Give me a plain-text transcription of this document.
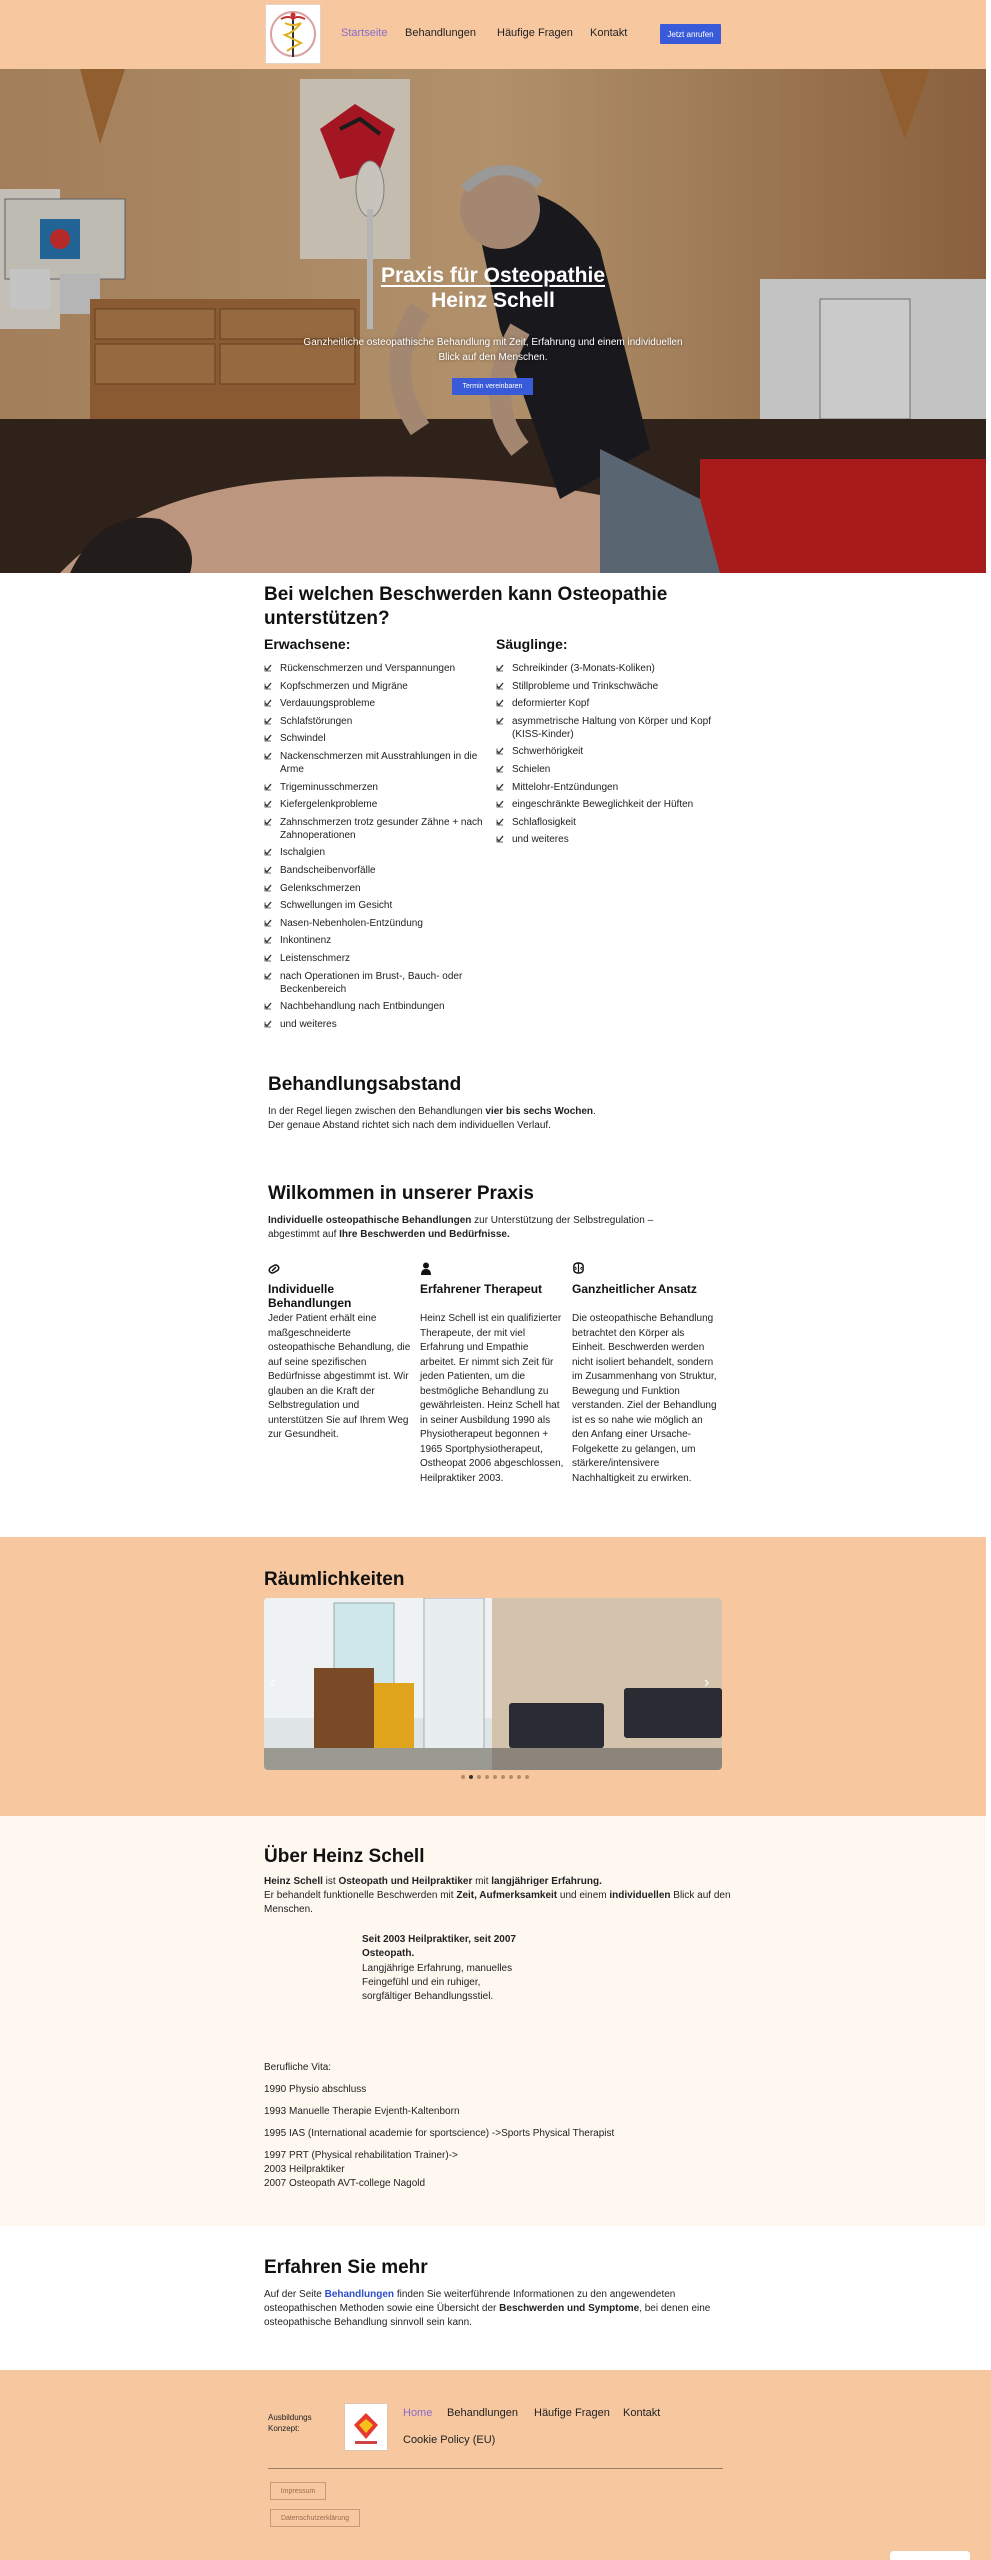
Startseite Behandlungen Häufige Fragen Kontakt	Jetzt anrufen
Praxis für Osteopathie
Heinz Schell
Ganzheitliche osteopathische Behandlung mit Zeit, Erfahrung und einem individuellen Blick auf den Menschen.
Termin vereinbaren
Bei welchen Beschwerden kann Osteopathie unterstützen?
Erwachsene:	Säuglinge:
Rückenschmerzen und Verspannungen
Kopfschmerzen und Migräne
Verdauungsprobleme
Schlafstörungen
Schwindel
Nackenschmerzen mit Ausstrahlungen in die Arme
Trigeminusschmerzen
Kiefergelenkprobleme
Zahnschmerzen trotz gesunder Zähne + nach Zahnoperationen
Ischalgien
Bandscheibenvorfälle
Gelenkschmerzen
Schwellungen im Gesicht
Nasen-Nebenholen-Entzündung
Inkontinenz
Leistenschmerz
nach Operationen im Brust-, Bauch- oder Beckenbereich
Nachbehandlung nach Entbindungen
und weiteres
Schreikinder (3-Monats-Koliken)
Stillprobleme und Trinkschwäche
deformierter Kopf
asymmetrische Haltung von Körper und Kopf (KISS-Kinder)
Schwerhörigkeit
Schielen
Mittelohr-Entzündungen
eingeschränkte Beweglichkeit der Hüften
Schlaflosigkeit
und weiteres
Behandlungsabstand
In der Regel liegen zwischen den Behandlungen vier bis sechs Wochen.
Der genaue Abstand richtet sich nach dem individuellen Verlauf.
Wilkommen in unserer Praxis
Individuelle osteopathische Behandlungen zur Unterstützung der Selbstregulation – abgestimmt auf Ihre Beschwerden und Bedürfnisse.
Individuelle Behandlungen
Jeder Patient erhält eine maßgeschneiderte osteopathische Behandlung, die auf seine spezifischen Bedürfnisse abgestimmt ist. Wir glauben an die Kraft der Selbstregulation und unterstützen Sie auf Ihrem Weg zur Gesundheit.
Erfahrener Therapeut
Heinz Schell ist ein qualifizierter Therapeute, der mit viel Erfahrung und Empathie arbeitet. Er nimmt sich Zeit für jeden Patienten, um die bestmögliche Behandlung zu gewährleisten. Heinz Schell hat in seiner Ausbildung 1990 als Physiotherapeut begonnen + 1965 Sportphysiotherapeut, Ostheopat 2006 abgeschlossen, Heilpraktiker 2003.
Ganzheitlicher Ansatz
Die osteopathische Behandlung betrachtet den Körper als Einheit. Beschwerden werden nicht isoliert behandelt, sondern im Zusammenhang von Struktur, Bewegung und Funktion verstanden. Ziel der Behandlung ist es so nahe wie möglich an den Anfang einer Ursache-Folgekette zu gelangen, um stärkere/intensivere Nachhaltigkeit zu erwirken.
Räumlichkeiten
‹	›
Über Heinz Schell
Heinz Schell ist Osteopath und Heilpraktiker mit langjähriger Erfahrung.
Er behandelt funktionelle Beschwerden mit Zeit, Aufmerksamkeit und einem individuellen Blick auf den Menschen.
Seit 2003 Heilpraktiker, seit 2007 Osteopath.
Langjährige Erfahrung, manuelles Feingefühl und ein ruhiger, sorgfältiger Behandlungsstiel.
Berufliche Vita:
1990 Physio abschluss
1993 Manuelle Therapie Evjenth-Kaltenborn
1995 IAS (International academie for sportscience) ->Sports Physical Therapist
1997 PRT (Physical rehabilitation Trainer)->
2003 Heilpraktiker
2007 Osteopath AVT-college Nagold
Erfahren Sie mehr
Auf der Seite Behandlungen finden Sie weiterführende Informationen zu den angewendeten osteopathischen Methoden sowie eine Übersicht der Beschwerden und Symptome, bei denen eine osteopathische Behandlung sinnvoll sein kann.
Ausbildungs Konzept:
Home Behandlungen Häufige Fragen Kontakt
Cookie Policy (EU)
Impressum
Datenschutzerklärung
